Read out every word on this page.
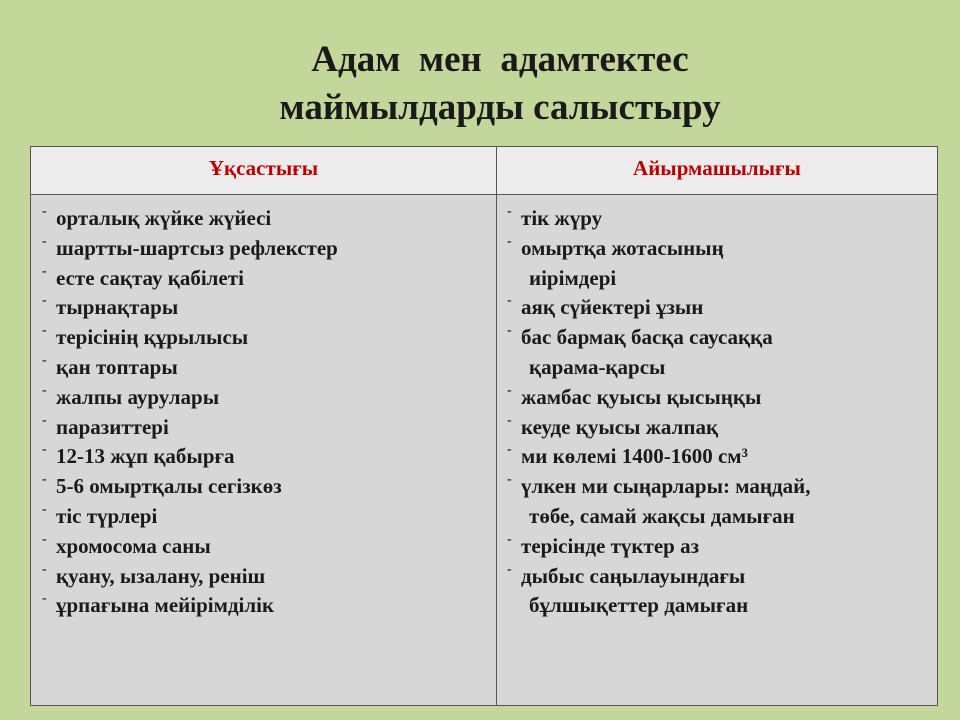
Адам  мен  адамтектес
маймылдарды салыстыру
Ұқсастығы	Айырмашылығы
- орталық жүйке жүйесі
- шартты-шартсыз рефлекстер
- есте сақтау қабілеті
- тырнақтары
- терісінің құрылысы
- қан топтары
- жалпы аурулары
- паразиттері
- 12-13 жұп қабырға
- 5-6 омыртқалы сегізкөз
- тіс түрлері
- хромосома саны
- қуану, ызалану, реніш
- ұрпағына мейірімділік
- тік жүру
- омыртқа жотасының
иірімдері
- аяқ сүйектері ұзын
- бас бармақ басқа саусаққа
қарама-қарсы
- жамбас қуысы қысыңқы
- кеуде қуысы жалпақ
- ми көлемі 1400-1600 см³
- үлкен ми сыңарлары: маңдай,
төбе, самай жақсы дамыған
- терісінде түктер аз
- дыбыс саңылауындағы
бұлшықеттер дамыған
